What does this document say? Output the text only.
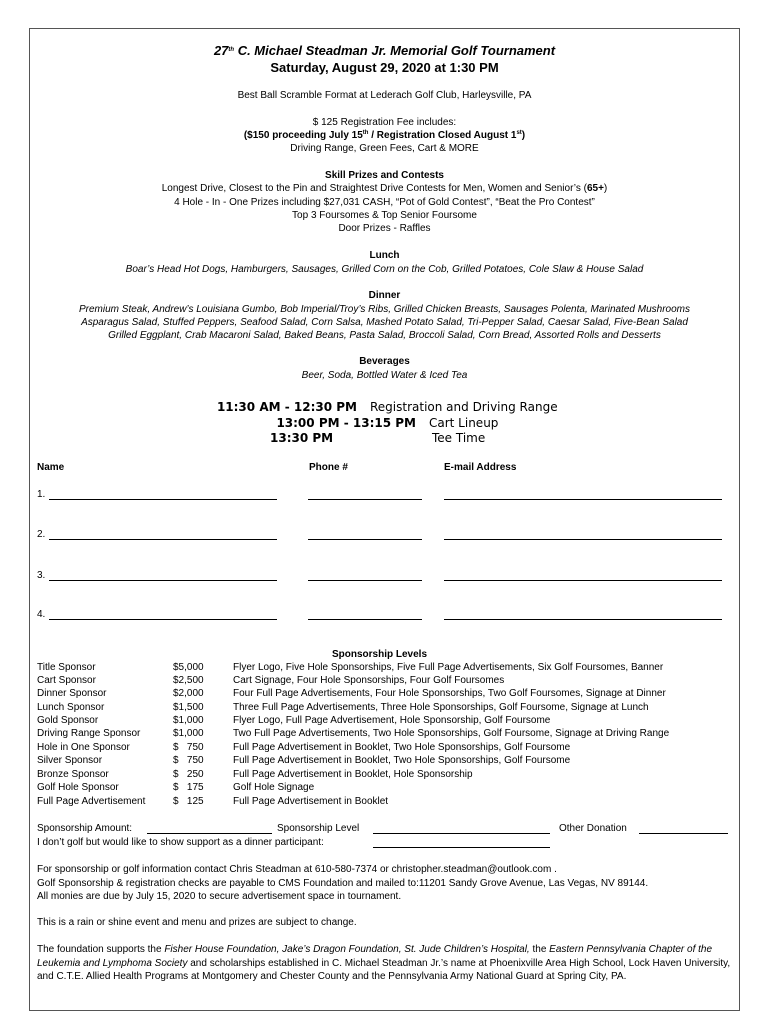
27th C. Michael Steadman Jr. Memorial Golf Tournament
Saturday, August 29, 2020 at 1:30 PM
Best Ball Scramble Format at Lederach Golf Club, Harleysville, PA
$ 125 Registration Fee includes:
($150 proceeding July 15th / Registration Closed August 1st)
Driving Range, Green Fees, Cart & MORE
Skill Prizes and Contests
Longest Drive, Closest to the Pin and Straightest Drive Contests for Men, Women and Senior’s (65+)
4 Hole - In - One Prizes including $27,031 CASH, “Pot of Gold Contest”, “Beat the Pro Contest”
Top 3 Foursomes & Top Senior Foursome
Door Prizes - Raffles
Lunch
Boar’s Head Hot Dogs, Hamburgers, Sausages, Grilled Corn on the Cob, Grilled Potatoes, Cole Slaw & House Salad
Dinner
Premium Steak, Andrew’s Louisiana Gumbo, Bob Imperial/Troy’s Ribs, Grilled Chicken Breasts, Sausages Polenta, Marinated Mushrooms
Asparagus Salad, Stuffed Peppers, Seafood Salad, Corn Salsa, Mashed Potato Salad, Tri-Pepper Salad, Caesar Salad, Five-Bean Salad
Grilled Eggplant, Crab Macaroni Salad, Baked Beans, Pasta Salad, Broccoli Salad, Corn Bread, Assorted Rolls and Desserts
Beverages
Beer, Soda, Bottled Water & Iced Tea
11:30 AM - 12:30 PM Registration and Driving Range
13:00 PM - 13:15 PM Cart Lineup
13:30 PM	Tee Time
Name	Phone #	E-mail Address
1.
2.
3.
4.
Sponsorship Levels
Title Sponsor	$5,000	Flyer Logo, Five Hole Sponsorships, Five Full Page Advertisements, Six Golf Foursomes, Banner
Cart Sponsor	$2,500	Cart Signage, Four Hole Sponsorships, Four Golf Foursomes
Dinner Sponsor	$2,000	Four Full Page Advertisements, Four Hole Sponsorships, Two Golf Foursomes, Signage at Dinner
Lunch Sponsor	$1,500	Three Full Page Advertisements, Three Hole Sponsorships, Golf Foursome, Signage at Lunch
Gold Sponsor	$1,000	Flyer Logo, Full Page Advertisement, Hole Sponsorship, Golf Foursome
Driving Range Sponsor	$1,000	Two Full Page Advertisements, Two Hole Sponsorships, Golf Foursome, Signage at Driving Range
Hole in One Sponsor	$   750	Full Page Advertisement in Booklet, Two Hole Sponsorships, Golf Foursome
Silver Sponsor	$   750	Full Page Advertisement in Booklet, Two Hole Sponsorships, Golf Foursome
Bronze Sponsor	$   250	Full Page Advertisement in Booklet, Hole Sponsorship
Golf Hole Sponsor	$   175	Golf Hole Signage
Full Page Advertisement	$   125	Full Page Advertisement in Booklet
Sponsorship Amount:	Sponsorship Level	Other Donation
I don’t golf but would like to show support as a dinner participant:
For sponsorship or golf information contact Chris Steadman at 610-580-7374 or christopher.steadman@outlook.com .
Golf Sponsorship & registration checks are payable to CMS Foundation and mailed to:11201 Sandy Grove Avenue, Las Vegas, NV 89144.
All monies are due by July 15, 2020 to secure advertisement space in tournament.
This is a rain or shine event and menu and prizes are subject to change.
The foundation supports the Fisher House Foundation, Jake’s Dragon Foundation, St. Jude Children’s Hospital, the Eastern Pennsylvania Chapter of the Leukemia and Lymphoma Society and scholarships established in C. Michael Steadman Jr.’s name at Phoenixville Area High School, Lock Haven University, and C.T.E. Allied Health Programs at Montgomery and Chester County and the Pennsylvania Army National Guard at Spring City, PA.
